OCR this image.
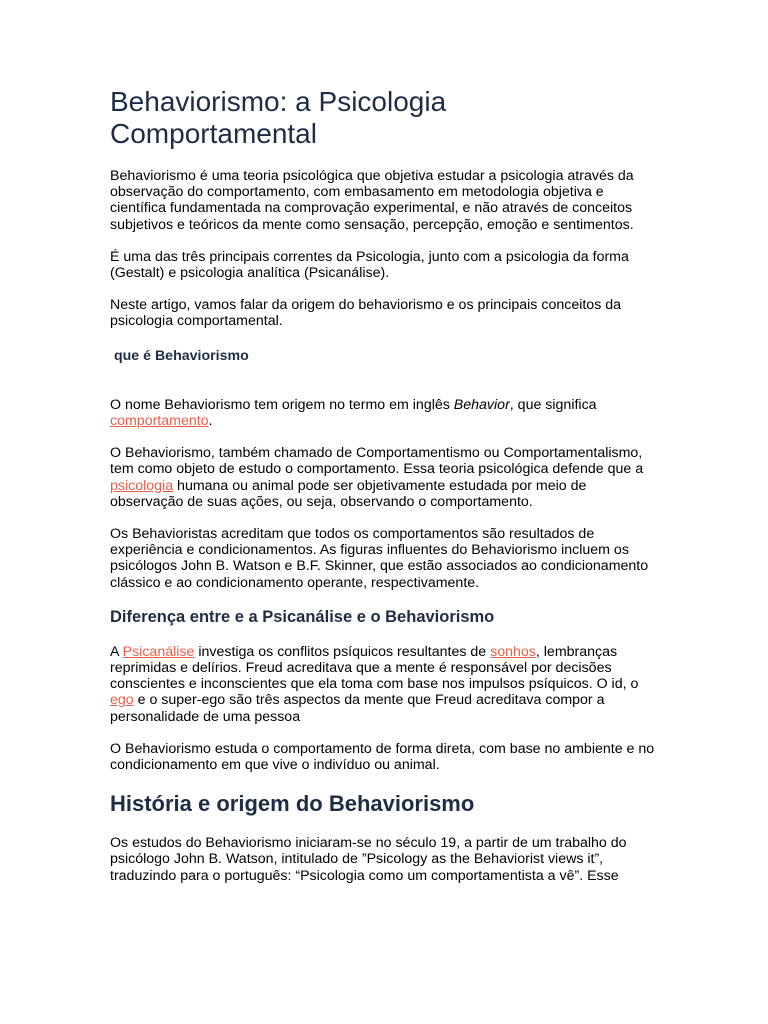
Behaviorismo: a Psicologia
Comportamental

Behaviorismo é uma teoria psicológica que objetiva estudar a psicologia através da observação do comportamento, com embasamento em metodologia objetiva e científica fundamentada na comprovação experimental, e não através de conceitos subjetivos e teóricos da mente como sensação, percepção, emoção e sentimentos.

É uma das três principais correntes da Psicologia, junto com a psicologia da forma (Gestalt) e psicologia analítica (Psicanálise).

Neste artigo, vamos falar da origem do behaviorismo e os principais conceitos da psicologia comportamental.

que é Behaviorismo

O nome Behaviorismo tem origem no termo em inglês Behavior, que significa comportamento.

O Behaviorismo, também chamado de Comportamentismo ou Comportamentalismo, tem como objeto de estudo o comportamento. Essa teoria psicológica defende que a psicologia humana ou animal pode ser objetivamente estudada por meio de observação de suas ações, ou seja, observando o comportamento.

Os Behavioristas acreditam que todos os comportamentos são resultados de experiência e condicionamentos. As figuras influentes do Behaviorismo incluem os psicólogos John B. Watson e B.F. Skinner, que estão associados ao condicionamento clássico e ao condicionamento operante, respectivamente.

Diferença entre e a Psicanálise e o Behaviorismo

A Psicanálise investiga os conflitos psíquicos resultantes de sonhos, lembranças reprimidas e delírios. Freud acreditava que a mente é responsável por decisões conscientes e inconscientes que ela toma com base nos impulsos psíquicos. O id, o ego e o super-ego são três aspectos da mente que Freud acreditava compor a personalidade de uma pessoa

O Behaviorismo estuda o comportamento de forma direta, com base no ambiente e no condicionamento em que vive o indivíduo ou animal.

História e origem do Behaviorismo

Os estudos do Behaviorismo iniciaram-se no século 19, a partir de um trabalho do psicólogo John B. Watson, intitulado de ”Psicology as the Behaviorist views it”, traduzindo para o português: “Psicologia como um comportamentista a vê”. Esse
